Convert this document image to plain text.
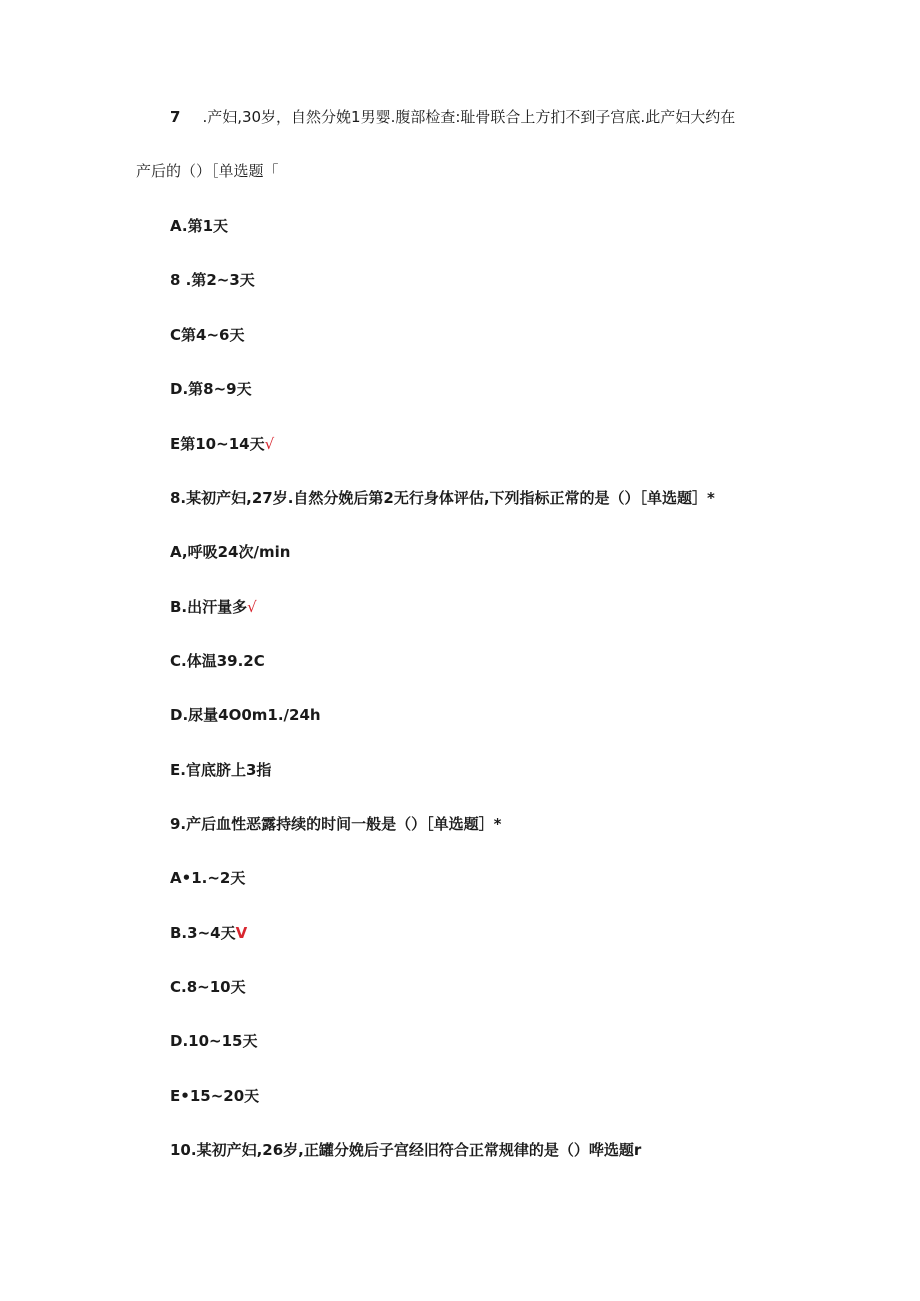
7 .产妇,30岁，自然分娩1男婴.腹部检查:耻骨联合上方扪不到子宫底.此产妇大约在
产后的（）［单选题「
A.第1天
8 .第2~3天
C第4~6天
D.第8~9天
E第10~14天√
8.某初产妇,27岁.自然分娩后第2无行身体评估,下列指标正常的是（）［单选题］*
A,呼吸24次/min
B.出汗量多√
C.体温39.2C
D.尿量4O0m1./24h
E.官底脐上3指
9.产后血性恶露持续的时间一般是（）［单选题］*
A•1.~2天
B.3~4天V
C.8~10天
D.10~15天
E•15~20天
10.某初产妇,26岁,正罐分娩后子宫经旧符合正常规律的是（）哗选题r
